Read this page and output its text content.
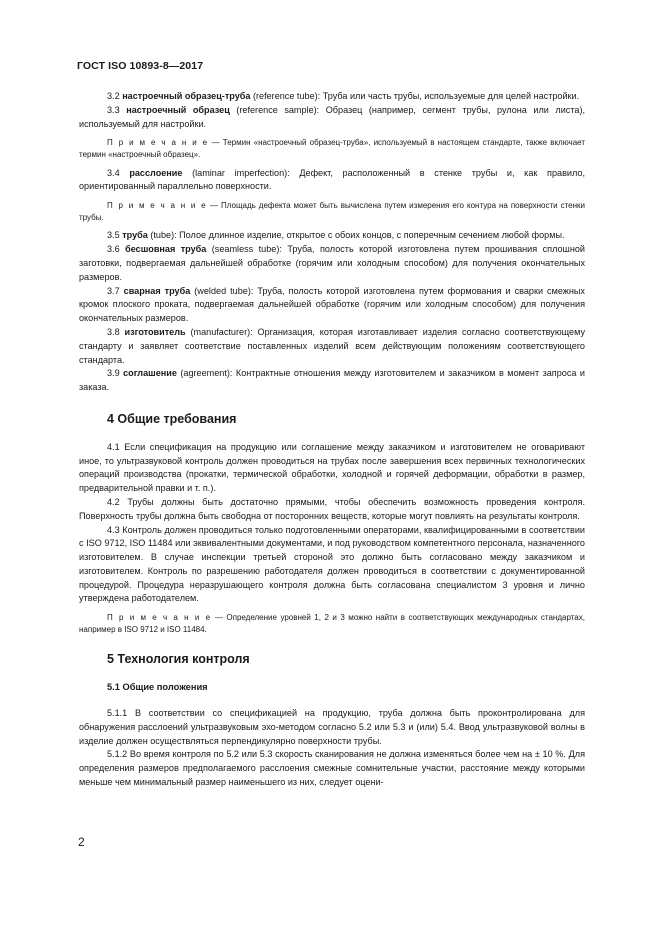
ГОСТ ISO 10893-8—2017

3.2 настроечный образец-труба (reference tube): Труба или часть трубы, используемые для целей настройки.

3.3 настроечный образец (reference sample): Образец (например, сегмент трубы, рулона или листа), используемый для настройки.

П р и м е ч а н и е — Термин «настроечный образец-труба», используемый в настоящем стандарте, также включает термин «настроечный образец».

3.4 расслоение (laminar imperfection): Дефект, расположенный в стенке трубы и, как правило, ориентированный параллельно поверхности.

П р и м е ч а н и е — Площадь дефекта может быть вычислена путем измерения его контура на поверхности стенки трубы.

3.5 труба (tube): Полое длинное изделие, открытое с обоих концов, с поперечным сечением любой формы.

3.6 бесшовная труба (seamless tube): Труба, полость которой изготовлена путем прошивания сплошной заготовки, подвергаемая дальнейшей обработке (горячим или холодным способом) для получения окончательных размеров.

3.7 сварная труба (welded tube): Труба, полость которой изготовлена путем формования и сварки смежных кромок плоского проката, подвергаемая дальнейшей обработке (горячим или холодным способом) для получения окончательных размеров.

3.8 изготовитель (manufacturer): Организация, которая изготавливает изделия согласно соответствующему стандарту и заявляет соответствие поставленных изделий всем действующим положениям соответствующего стандарта.

3.9 соглашение (agreement): Контрактные отношения между изготовителем и заказчиком в момент запроса и заказа.

4 Общие требования

4.1 Если спецификация на продукцию или соглашение между заказчиком и изготовителем не оговаривают иное, то ультразвуковой контроль должен проводиться на трубах после завершения всех первичных технологических операций производства (прокатки, термической обработки, холодной и горячей деформации, обработки в размер, предварительной правки и т. п.).

4.2 Трубы должны быть достаточно прямыми, чтобы обеспечить возможность проведения контроля. Поверхность трубы должна быть свободна от посторонних веществ, которые могут повлиять на результаты контроля.

4.3 Контроль должен проводиться только подготовленными операторами, квалифицированными в соответствии с ISO 9712, ISO 11484 или эквивалентными документами, и под руководством компетентного персонала, назначенного изготовителем. В случае инспекции третьей стороной это должно быть согласовано между заказчиком и изготовителем. Контроль по разрешению работодателя должен проводиться в соответствии с документированной процедурой. Процедура неразрушающего контроля должна быть согласована специалистом 3 уровня и лично утверждена работодателем.

П р и м е ч а н и е — Определение уровней 1, 2 и 3 можно найти в соответствующих международных стандартах, например в ISO 9712 и ISO 11484.

5 Технология контроля
5.1 Общие положения

5.1.1 В соответствии со спецификацией на продукцию, труба должна быть проконтролирована для обнаружения расслоений ультразвуковым эхо-методом согласно 5.2 или 5.3 и (или) 5.4. Ввод ультразвуковой волны в изделие должен осуществляться перпендикулярно поверхности трубы.

5.1.2 Во время контроля по 5.2 или 5.3 скорость сканирования не должна изменяться более чем на ± 10 %. Для определения размеров предполагаемого расслоения смежные сомнительные участки, расстояние между которыми меньше чем минимальный размер наименьшего из них, следует оцени-

2
